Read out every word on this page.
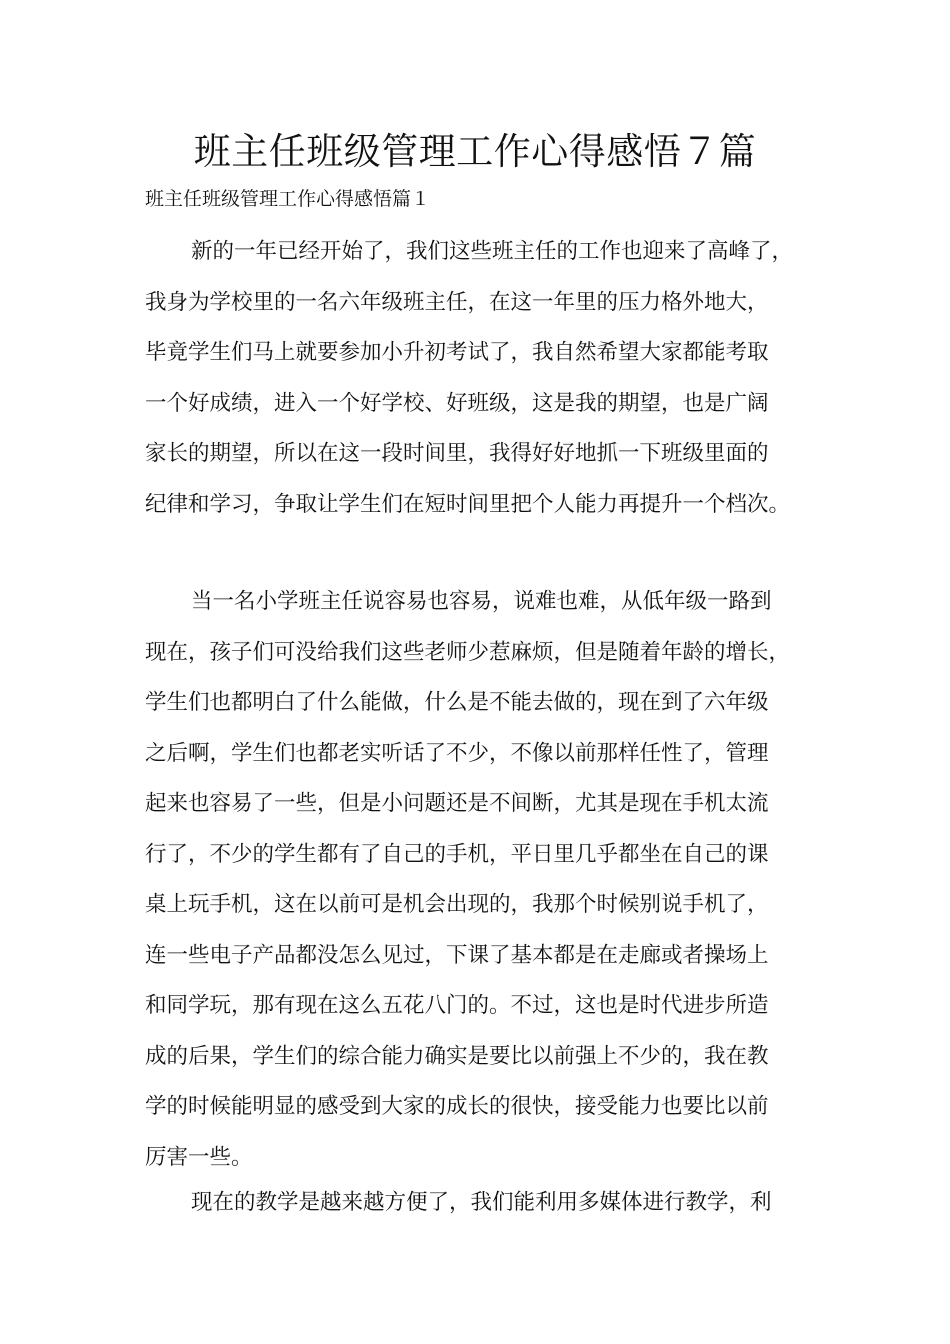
班主任班级管理工作心得感悟７篇

班主任班级管理工作心得感悟篇１

新的一年已经开始了，我们这些班主任的工作也迎来了高峰了，
我身为学校里的一名六年级班主任，在这一年里的压力格外地大，
毕竟学生们马上就要参加小升初考试了，我自然希望大家都能考取
一个好成绩，进入一个好学校、好班级，这是我的期望，也是广阔
家长的期望，所以在这一段时间里，我得好好地抓一下班级里面的
纪律和学习，争取让学生们在短时间里把个人能力再提升一个档次。

当一名小学班主任说容易也容易，说难也难，从低年级一路到
现在，孩子们可没给我们这些老师少惹麻烦，但是随着年龄的增长，
学生们也都明白了什么能做，什么是不能去做的，现在到了六年级
之后啊，学生们也都老实听话了不少，不像以前那样任性了，管理
起来也容易了一些，但是小问题还是不间断，尤其是现在手机太流
行了，不少的学生都有了自己的手机，平日里几乎都坐在自己的课
桌上玩手机，这在以前可是机会出现的，我那个时候别说手机了，
连一些电子产品都没怎么见过，下课了基本都是在走廊或者操场上
和同学玩，那有现在这么五花八门的。不过，这也是时代进步所造
成的后果，学生们的综合能力确实是要比以前强上不少的，我在教
学的时候能明显的感受到大家的成长的很快，接受能力也要比以前
厉害一些。

现在的教学是越来越方便了，我们能利用多媒体进行教学，利
